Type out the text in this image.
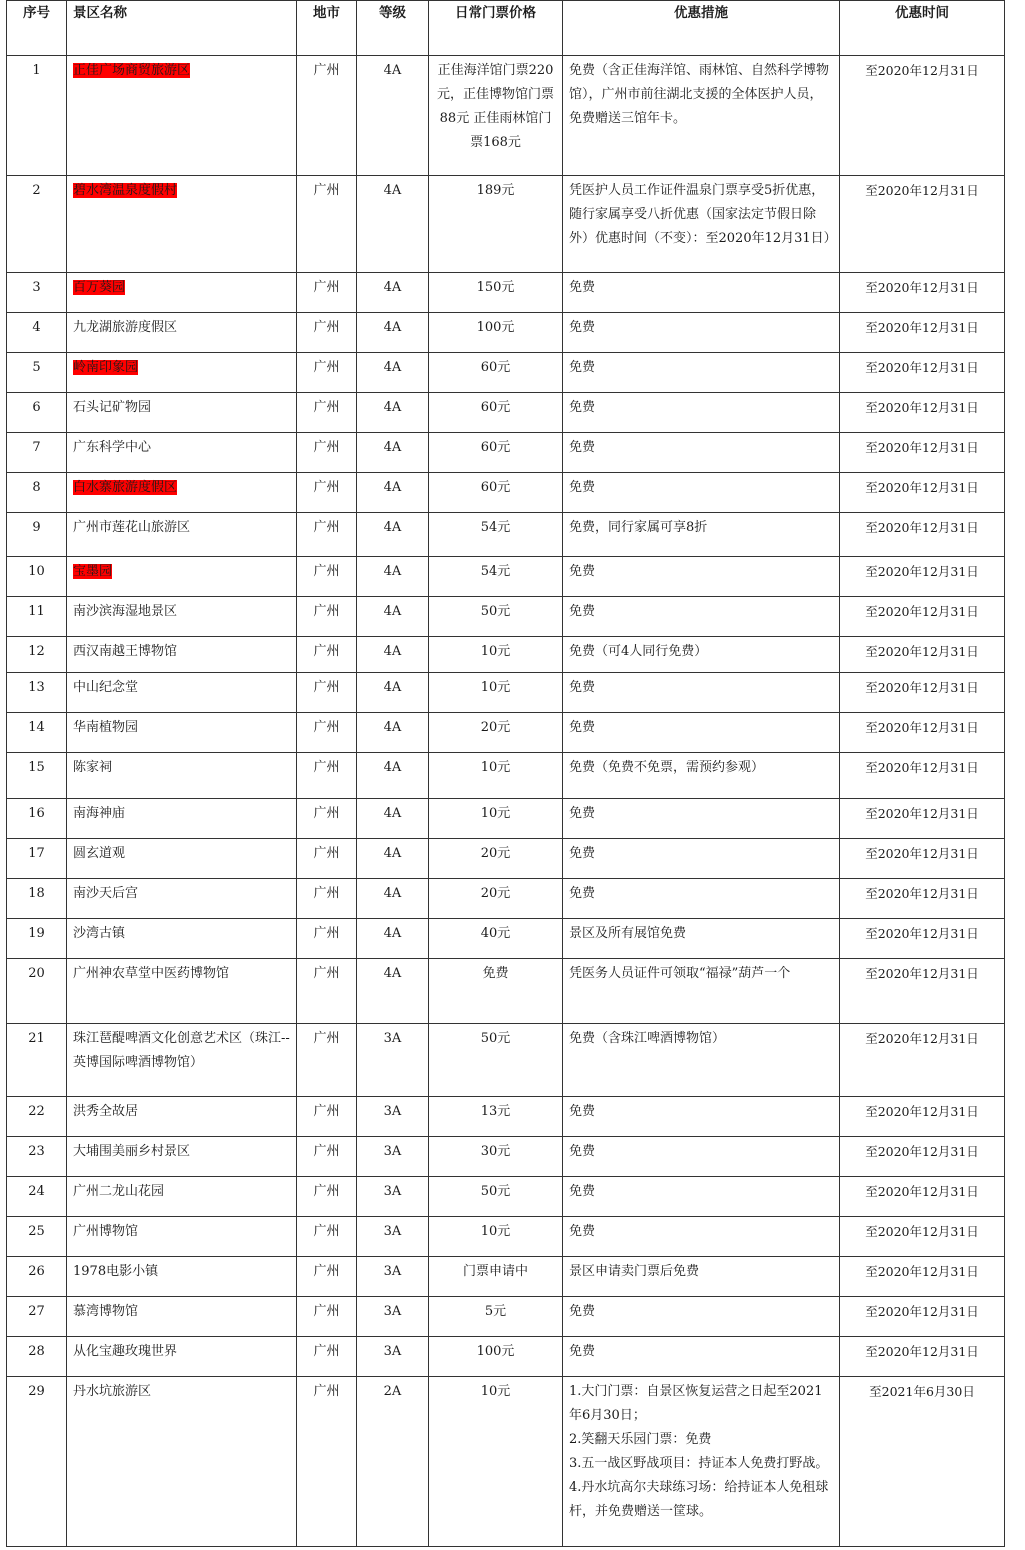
序号	景区名称	地市	等级	日常门票价格	优惠措施	优惠时间
1	正佳广场商贸旅游区	广州	4A	正佳海洋馆门票220元，正佳博物馆门票88元 正佳雨林馆门票168元	免费（含正佳海洋馆、雨林馆、自然科学博物馆），广州市前往湖北支援的全体医护人员，免费赠送三馆年卡。	至2020年12月31日
2	碧水湾温泉度假村	广州	4A	189元	凭医护人员工作证件温泉门票享受5折优惠，随行家属享受八折优惠（国家法定节假日除外）优惠时间（不变）：至2020年12月31日）	至2020年12月31日
3	百万葵园	广州	4A	150元	免费	至2020年12月31日
4	九龙湖旅游度假区	广州	4A	100元	免费	至2020年12月31日
5	岭南印象园	广州	4A	60元	免费	至2020年12月31日
6	石头记矿物园	广州	4A	60元	免费	至2020年12月31日
7	广东科学中心	广州	4A	60元	免费	至2020年12月31日
8	白水寨旅游度假区	广州	4A	60元	免费	至2020年12月31日
9	广州市莲花山旅游区	广州	4A	54元	免费，同行家属可享8折	至2020年12月31日
10	宝墨园	广州	4A	54元	免费	至2020年12月31日
11	南沙滨海湿地景区	广州	4A	50元	免费	至2020年12月31日
12	西汉南越王博物馆	广州	4A	10元	免费（可4人同行免费）	至2020年12月31日
13	中山纪念堂	广州	4A	10元	免费	至2020年12月31日
14	华南植物园	广州	4A	20元	免费	至2020年12月31日
15	陈家祠	广州	4A	10元	免费（免费不免票，需预约参观）	至2020年12月31日
16	南海神庙	广州	4A	10元	免费	至2020年12月31日
17	圆玄道观	广州	4A	20元	免费	至2020年12月31日
18	南沙天后宫	广州	4A	20元	免费	至2020年12月31日
19	沙湾古镇	广州	4A	40元	景区及所有展馆免费	至2020年12月31日
20	广州神农草堂中医药博物馆	广州	4A	免费	凭医务人员证件可领取“福禄”葫芦一个	至2020年12月31日
21	珠江琶醍啤酒文化创意艺术区（珠江--英博国际啤酒博物馆）	广州	3A	50元	免费（含珠江啤酒博物馆）	至2020年12月31日
22	洪秀全故居	广州	3A	13元	免费	至2020年12月31日
23	大埔围美丽乡村景区	广州	3A	30元	免费	至2020年12月31日
24	广州二龙山花园	广州	3A	50元	免费	至2020年12月31日
25	广州博物馆	广州	3A	10元	免费	至2020年12月31日
26	1978电影小镇	广州	3A	门票申请中	景区申请卖门票后免费	至2020年12月31日
27	慕湾博物馆	广州	3A	5元	免费	至2020年12月31日
28	从化宝趣玫瑰世界	广州	3A	100元	免费	至2020年12月31日
29	丹水坑旅游区	广州	2A	10元	1.大门门票：自景区恢复运营之日起至2021年6月30日；
2.笑翻天乐园门票：免费
3.五一战区野战项目：持证本人免费打野战。
4.丹水坑高尔夫球练习场：给持证本人免租球杆，并免费赠送一筐球。	至2021年6月30日
